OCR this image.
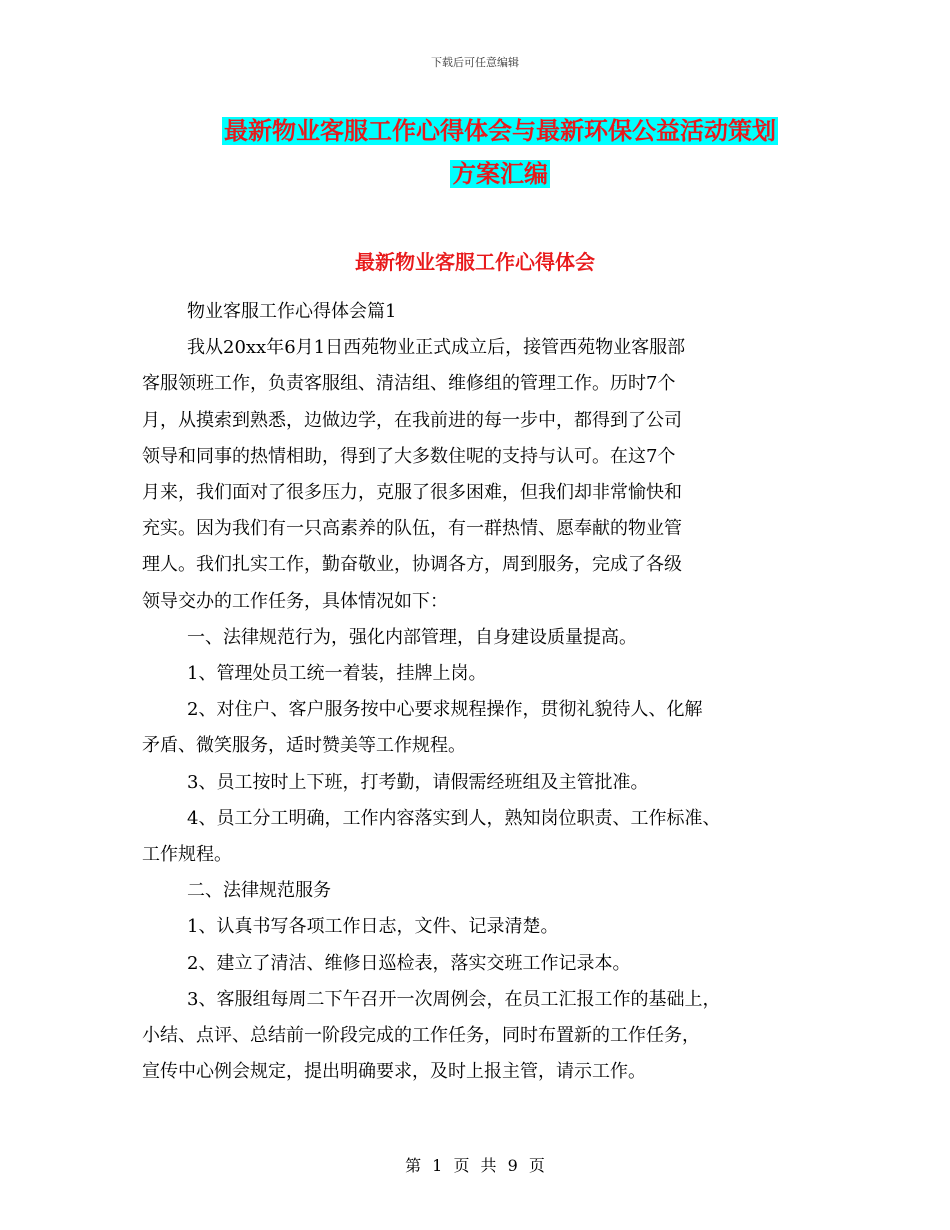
下载后可任意编辑
最新物业客服工作心得体会与最新环保公益活动策划
方案汇编
最新物业客服工作心得体会

物业客服工作心得体会篇1

我从20xx年6月1日西苑物业正式成立后，接管西苑物业客服部

客服领班工作，负责客服组、清洁组、维修组的管理工作。历时7个

月，从摸索到熟悉，边做边学，在我前进的每一步中，都得到了公司

领导和同事的热情相助，得到了大多数住呢的支持与认可。在这7个

月来，我们面对了很多压力，克服了很多困难，但我们却非常愉快和

充实。因为我们有一只高素养的队伍，有一群热情、愿奉献的物业管

理人。我们扎实工作，勤奋敬业，协调各方，周到服务，完成了各级

领导交办的工作任务，具体情况如下：

一、法律规范行为，强化内部管理，自身建设质量提高。

1、管理处员工统一着装，挂牌上岗。

2、对住户、客户服务按中心要求规程操作，贯彻礼貌待人、化解

矛盾、微笑服务，适时赞美等工作规程。

3、员工按时上下班，打考勤，请假需经班组及主管批准。

4、员工分工明确，工作内容落实到人，熟知岗位职责、工作标准、

工作规程。

二、法律规范服务

1、认真书写各项工作日志，文件、记录清楚。

2、建立了清洁、维修日巡检表，落实交班工作记录本。

3、客服组每周二下午召开一次周例会，在员工汇报工作的基础上，

小结、点评、总结前一阶段完成的工作任务，同时布置新的工作任务，

宣传中心例会规定，提出明确要求，及时上报主管，请示工作。

第 1 页 共 9 页
